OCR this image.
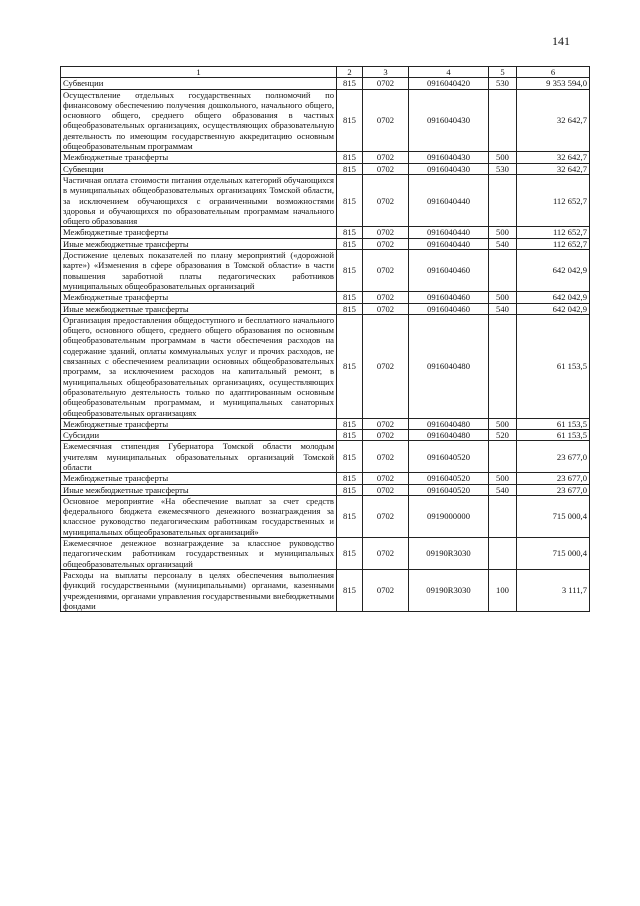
141
1	2	3	4	5	6
Субвенции	815	0702	0916040420	530	9 353 594,0
Осуществление отдельных государственных полномочий по финансовому обеспечению получения дошкольного, начального общего, основного общего, среднего общего образования в частных общеобразовательных организациях, осуществляющих образовательную деятельность по имеющим государственную аккредитацию основным общеобразовательным программам	815	0702	0916040430		32 642,7
Межбюджетные трансферты	815	0702	0916040430	500	32 642,7
Субвенции	815	0702	0916040430	530	32 642,7
Частичная оплата стоимости питания отдельных категорий обучающихся в муниципальных общеобразовательных организациях Томской области, за исключением обучающихся с ограниченными возможностями здоровья и обучающихся по образовательным программам начального общего образования	815	0702	0916040440		112 652,7
Межбюджетные трансферты	815	0702	0916040440	500	112 652,7
Иные межбюджетные трансферты	815	0702	0916040440	540	112 652,7
Достижение целевых показателей по плану мероприятий («дорожной карте») «Изменения в сфере образования в Томской области» в части повышения заработной платы педагогических работников муниципальных общеобразовательных организаций	815	0702	0916040460		642 042,9
Межбюджетные трансферты	815	0702	0916040460	500	642 042,9
Иные межбюджетные трансферты	815	0702	0916040460	540	642 042,9
Организация предоставления общедоступного и бесплатного начального общего, основного общего, среднего общего образования по основным общеобразовательным программам в части обеспечения расходов на содержание зданий, оплаты коммунальных услуг и прочих расходов, не связанных с обеспечением реализации основных общеобразовательных программ, за исключением расходов на капитальный ремонт, в муниципальных общеобразовательных организациях, осуществляющих образовательную деятельность только по адаптированным основным общеобразовательным программам, и муниципальных санаторных общеобразовательных организациях	815	0702	0916040480		61 153,5
Межбюджетные трансферты	815	0702	0916040480	500	61 153,5
Субсидии	815	0702	0916040480	520	61 153,5
Ежемесячная стипендия Губернатора Томской области молодым учителям муниципальных образовательных организаций Томской области	815	0702	0916040520		23 677,0
Межбюджетные трансферты	815	0702	0916040520	500	23 677,0
Иные межбюджетные трансферты	815	0702	0916040520	540	23 677,0
Основное мероприятие «На обеспечение выплат за счет средств федерального бюджета ежемесячного денежного вознаграждения за классное руководство педагогическим работникам государственных и муниципальных общеобразовательных организаций»	815	0702	0919000000		715 000,4
Ежемесячное денежное вознаграждение за классное руководство педагогическим работникам государственных и муниципальных общеобразовательных организаций	815	0702	09190R3030		715 000,4
Расходы на выплаты персоналу в целях обеспечения выполнения функций государственными (муниципальными) органами, казенными учреждениями, органами управления государственными внебюджетными фондами	815	0702	09190R3030	100	3 111,7
